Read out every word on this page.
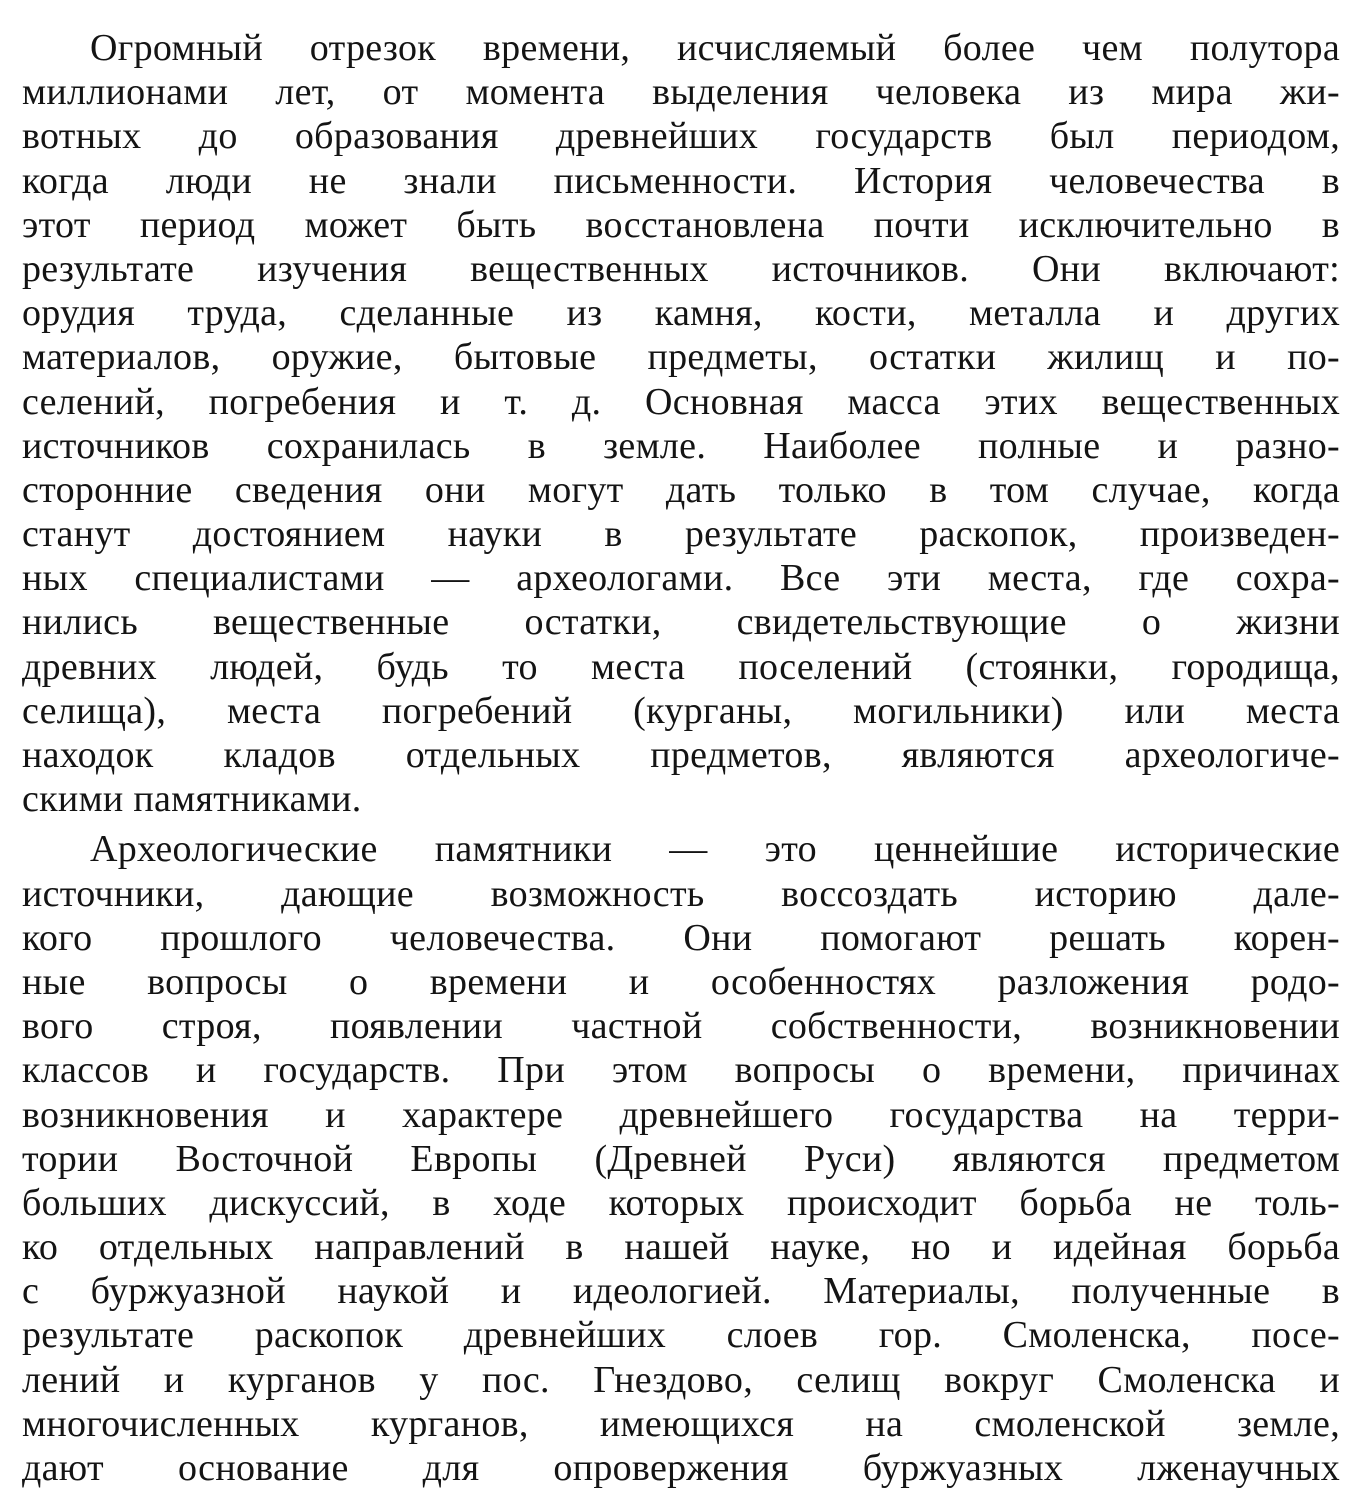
Огромный отрезок времени, исчисляемый более чем полутора
миллионами лет, от момента выделения человека из мира жи-
вотных до образования древнейших государств был периодом,
когда люди не знали письменности. История человечества в
этот период может быть восстановлена почти исключительно в
результате изучения вещественных источников. Они включают:
орудия труда, сделанные из камня, кости, металла и других
материалов, оружие, бытовые предметы, остатки жилищ и по-
селений, погребения и т. д. Основная масса этих вещественных
источников сохранилась в земле. Наиболее полные и разно-
сторонние сведения они могут дать только в том случае, когда
станут достоянием науки в результате раскопок, произведен-
ных специалистами — археологами. Все эти места, где сохра-
нились вещественные остатки, свидетельствующие о жизни
древних людей, будь то места поселений (стоянки, городища,
селища), места погребений (курганы, могильники) или места
находок кладов отдельных предметов, являются археологиче-
скими памятниками.
Археологические памятники — это ценнейшие исторические
источники, дающие возможность воссоздать историю дале-
кого прошлого человечества. Они помогают решать корен-
ные вопросы о времени и особенностях разложения родо-
вого строя, появлении частной собственности, возникновении
классов и государств. При этом вопросы о времени, причинах
возникновения и характере древнейшего государства на терри-
тории Восточной Европы (Древней Руси) являются предметом
больших дискуссий, в ходе которых происходит борьба не толь-
ко отдельных направлений в нашей науке, но и идейная борьба
с буржуазной наукой и идеологией. Материалы, полученные в
результате раскопок древнейших слоев гор. Смоленска, посе-
лений и курганов у пос. Гнездово, селищ вокруг Смоленска и
многочисленных курганов, имеющихся на смоленской земле,
дают основание для опровержения буржуазных лженаучных
